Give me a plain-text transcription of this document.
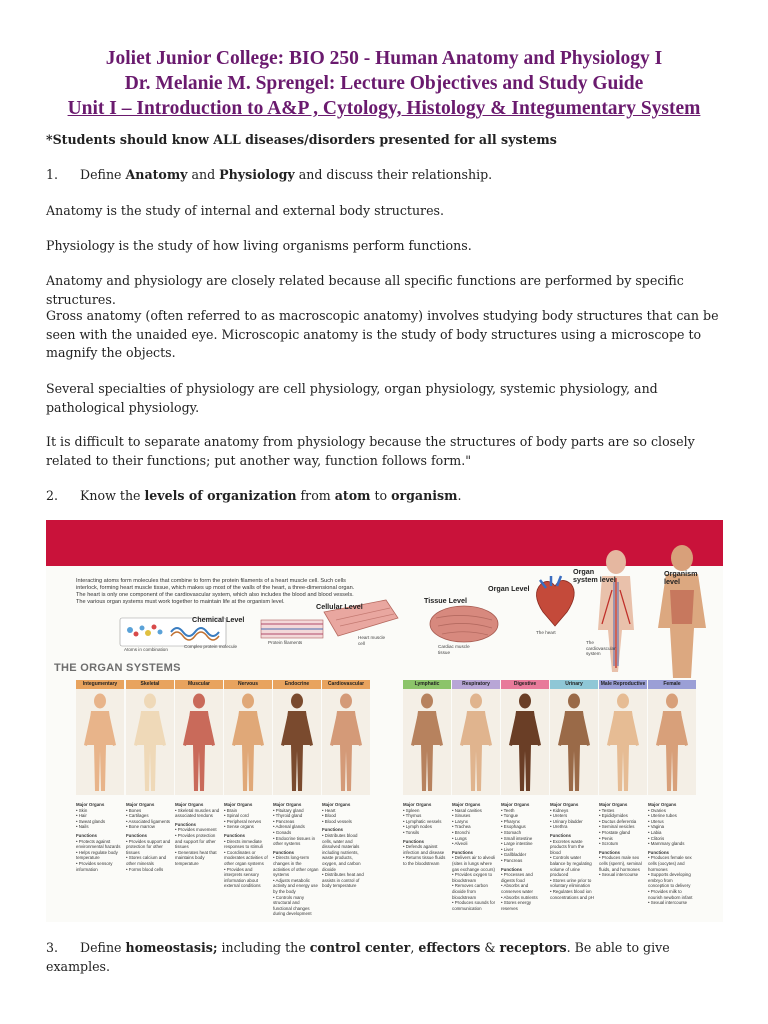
Joliet Junior College: BIO 250 - Human Anatomy and Physiology I
Dr. Melanie M. Sprengel: Lecture Objectives and Study Guide
Unit I – Introduction to A&P , Cytology, Histology & Integumentary System
*Students should know ALL diseases/disorders presented for all systems
1. Define Anatomy and Physiology and discuss their relationship.
Anatomy is the study of internal and external body structures.
Physiology is the study of how living organisms perform functions.
Anatomy and physiology are closely related because all specific functions are performed by specific structures.
Gross anatomy (often referred to as macroscopic anatomy) involves studying body structures that can be seen with the unaided eye. Microscopic anatomy is the study of body structures using a microscope to magnify the objects.
Several specialties of physiology are cell physiology, organ physiology, systemic physiology, and pathological physiology.
It is difficult to separate anatomy from physiology because the structures of body parts are so closely related to their functions; put another way, function follows form."
2. Know the levels of organization from atom to organism.
Interacting atoms form molecules that combine to form the protein filaments of a heart muscle cell. Such cells interlock, forming heart muscle tissue, which makes up most of the walls of the heart, a three-dimensional organ. The heart is only one component of the cardiovascular system, which also includes the blood and blood vessels. The various organ systems must work together to maintain life at the organism level.
Chemical Level
Cellular Level
Tissue Level
Organ Level
Organ system level
Organism level
Atoms in combination
Complex protein molecule
Protein filaments
Heart muscle cell
Cardiac muscle tissue
The heart
The cardiovascular system
THE ORGAN SYSTEMS
Integumentary
Major Organs
• Skin
• Hair
• Sweat glands
• Nails
Functions
• Protects against environmental hazards
• Helps regulate body temperature
• Provides sensory information
Skeletal
Major Organs
• Bones
• Cartilages
• Associated ligaments
• Bone marrow
Functions
• Provides support and protection for other tissues
• Stores calcium and other minerals
• Forms blood cells
Muscular
Major Organs
• Skeletal muscles and associated tendons
Functions
• Provides movement
• Provides protection and support for other tissues
• Generates heat that maintains body temperature
Nervous
Major Organs
• Brain
• Spinal cord
• Peripheral nerves
• Sense organs
Functions
• Directs immediate responses to stimuli
• Coordinates or moderates activities of other organ systems
• Provides and interprets sensory information about external conditions
Endocrine
Major Organs
• Pituitary gland
• Thyroid gland
• Pancreas
• Adrenal glands
• Gonads
• Endocrine tissues in other systems
Functions
• Directs long-term changes in the activities of other organ systems
• Adjusts metabolic activity and energy use by the body
• Controls many structural and functional changes during development
Cardiovascular
Major Organs
• Heart
• Blood
• Blood vessels
Functions
• Distributes blood cells, water and dissolved materials including nutrients, waste products, oxygen, and carbon dioxide
• Distributes heat and assists in control of body temperature
Lymphatic
Major Organs
• Spleen
• Thymus
• Lymphatic vessels
• Lymph nodes
• Tonsils
Functions
• Defends against infection and disease
• Returns tissue fluids to the bloodstream
Respiratory
Major Organs
• Nasal cavities
• Sinuses
• Larynx
• Trachea
• Bronchi
• Lungs
• Alveoli
Functions
• Delivers air to alveoli (sites in lungs where gas exchange occurs)
• Provides oxygen to bloodstream
• Removes carbon dioxide from bloodstream
• Produces sounds for communication
Digestive
Major Organs
• Teeth
• Tongue
• Pharynx
• Esophagus
• Stomach
• Small intestine
• Large intestine
• Liver
• Gallbladder
• Pancreas
Functions
• Processes and digests food
• Absorbs and conserves water
• Absorbs nutrients
• Stores energy reserves
Urinary
Major Organs
• Kidneys
• Ureters
• Urinary bladder
• Urethra
Functions
• Excretes waste products from the blood
• Controls water balance by regulating volume of urine produced
• Stores urine prior to voluntary elimination
• Regulates blood ion concentrations and pH
Male Reproductive
Major Organs
• Testes
• Epididymides
• Ductus deferentia
• Seminal vesicles
• Prostate gland
• Penis
• Scrotum
Functions
• Produces male sex cells (sperm), seminal fluids, and hormones
• Sexual intercourse
Female
Major Organs
• Ovaries
• Uterine tubes
• Uterus
• Vagina
• Labia
• Clitoris
• Mammary glands
Functions
• Produces female sex cells (oocytes) and hormones
• Supports developing embryo from conception to delivery
• Provides milk to nourish newborn infant
• Sexual intercourse
3. Define homeostasis; including the control center, effectors & receptors. Be able to give examples.
